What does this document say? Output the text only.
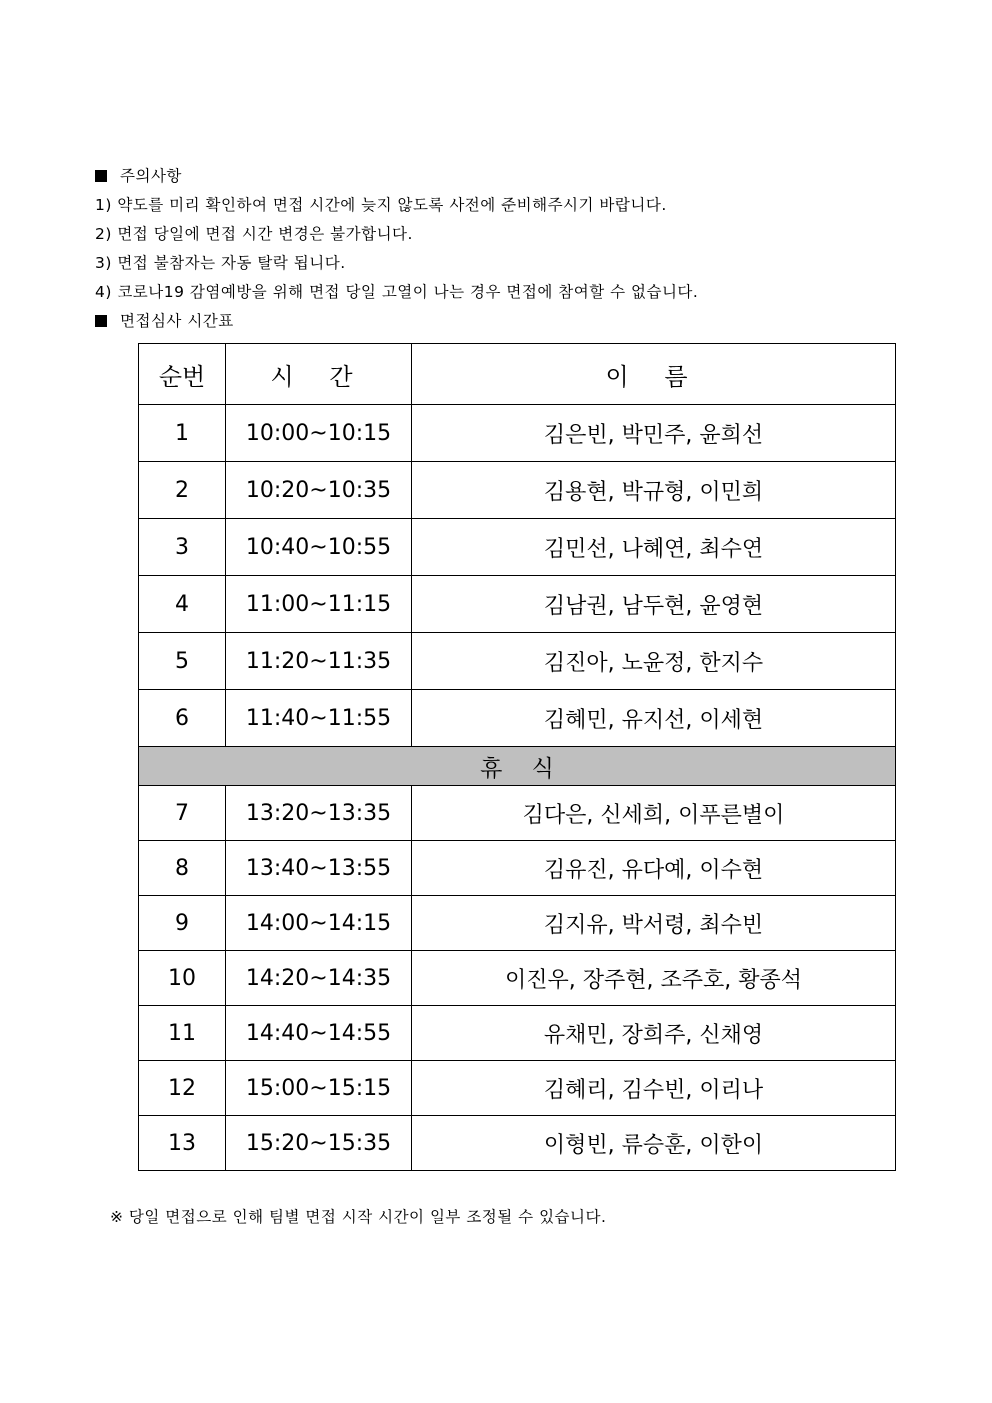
주의사항
1) 약도를 미리 확인하여 면접 시간에 늦지 않도록 사전에 준비해주시기 바랍니다.
2) 면접 당일에 면접 시간 변경은 불가합니다.
3) 면접 불참자는 자동 탈락 됩니다.
4) 코로나19 감염예방을 위해 면접 당일 고열이 나는 경우 면접에 참여할 수 없습니다.
면접심사 시간표
순번	시 간	이 름
1	10:00~10:15	김은빈, 박민주, 윤희선
2	10:20~10:35	김용현, 박규형, 이민희
3	10:40~10:55	김민선, 나혜연, 최수연
4	11:00~11:15	김남권, 남두현, 윤영현
5	11:20~11:35	김진아, 노윤정, 한지수
6	11:40~11:55	김혜민, 유지선, 이세현
휴    식		
7	13:20~13:35	김다은, 신세희, 이푸른별이
8	13:40~13:55	김유진, 유다예, 이수현
9	14:00~14:15	김지유, 박서령, 최수빈
10	14:20~14:35	이진우, 장주현, 조주호, 황종석
11	14:40~14:55	유채민, 장희주, 신채영
12	15:00~15:15	김혜리, 김수빈, 이리나
13	15:20~15:35	이형빈, 류승훈, 이한이
※ 당일 면접으로 인해 팀별 면접 시작 시간이 일부 조정될 수 있습니다.
